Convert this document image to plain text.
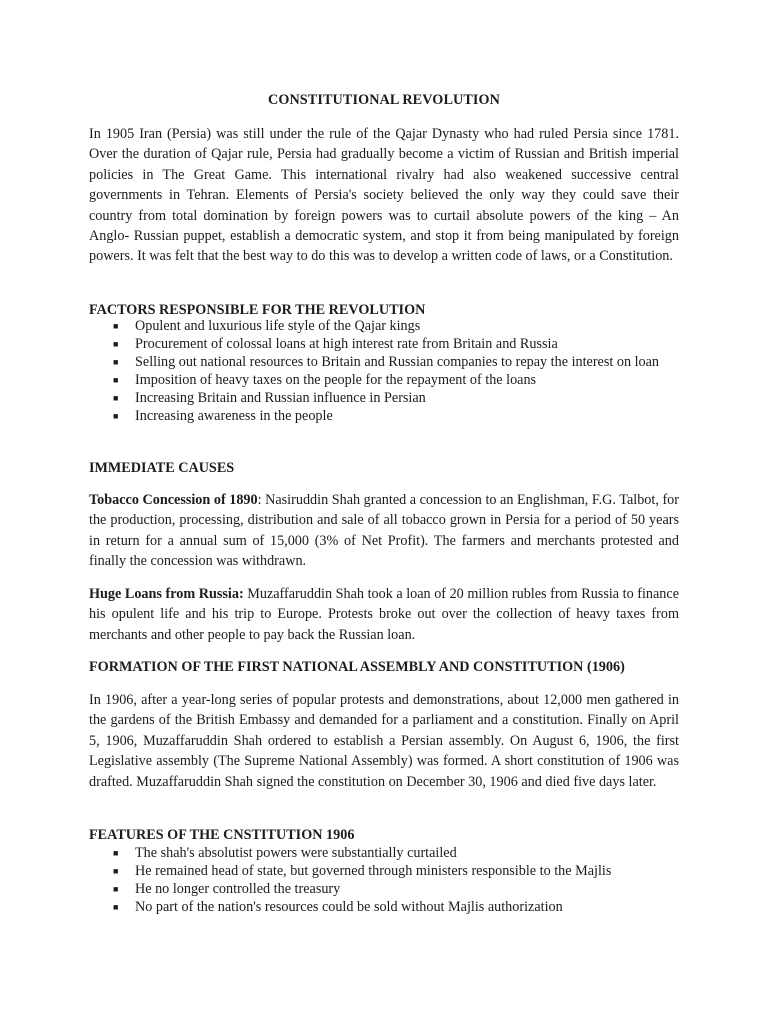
CONSTITUTIONAL REVOLUTION

In 1905 Iran (Persia) was still under the rule of the Qajar Dynasty who had ruled Persia since 1781. Over the duration of Qajar rule, Persia had gradually become a victim of Russian and British imperial policies in The Great Game. This international rivalry had also weakened successive central governments in Tehran. Elements of Persia's society believed the only way they could save their country from total domination by foreign powers was to curtail absolute powers of the king – An Anglo- Russian puppet, establish a democratic system, and stop it from being manipulated by foreign powers. It was felt that the best way to do this was to develop a written code of laws, or a Constitution.

FACTORS RESPONSIBLE FOR THE REVOLUTION
■ Opulent and luxurious life style of the Qajar kings
■ Procurement of colossal loans at high interest rate from Britain and Russia
■ Selling out national resources to Britain and Russian companies to repay the interest on loan
■ Imposition of heavy taxes on the people for the repayment of the loans
■ Increasing Britain and Russian influence in Persian
■ Increasing awareness in the people
IMMEDIATE CAUSES

Tobacco Concession of 1890: Nasiruddin Shah granted a concession to an Englishman, F.G. Talbot, for the production, processing, distribution and sale of all tobacco grown in Persia for a period of 50 years in return for a annual sum of 15,000 (3% of Net Profit). The farmers and merchants protested and finally the concession was withdrawn.

Huge Loans from Russia: Muzaffaruddin Shah took a loan of 20 million rubles from Russia to finance his opulent life and his trip to Europe. Protests broke out over the collection of heavy taxes from merchants and other people to pay back the Russian loan.

FORMATION OF THE FIRST NATIONAL ASSEMBLY AND CONSTITUTION (1906)

In 1906, after a year-long series of popular protests and demonstrations, about 12,000 men gathered in the gardens of the British Embassy and demanded for a parliament and a constitution. Finally on April 5, 1906, Muzaffaruddin Shah ordered to establish a Persian assembly. On August 6, 1906, the first Legislative assembly (The Supreme National Assembly) was formed. A short constitution of 1906 was drafted. Muzaffaruddin Shah signed the constitution on December 30, 1906 and died five days later.

FEATURES OF THE CNSTITUTION 1906
■ The shah's absolutist powers were substantially curtailed
■ He remained head of state, but governed through ministers responsible to the Majlis
■ He no longer controlled the treasury
■ No part of the nation's resources could be sold without Majlis authorization
